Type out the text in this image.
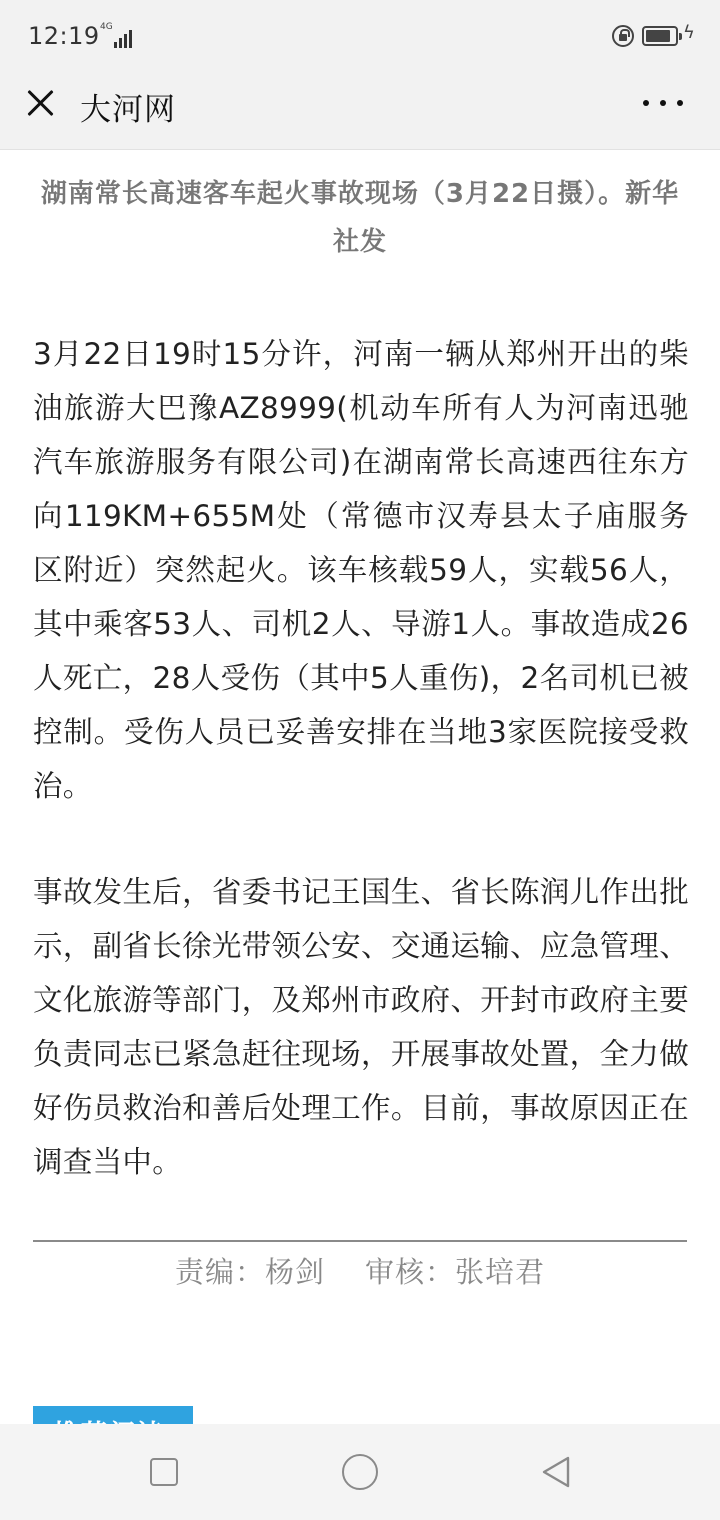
12:19 4G	ϟ
大河网
湖南常长高速客车起火事故现场（3月22日摄）。新华社发

3月22日19时15分许，河南一辆从郑州开出的柴油旅游大巴豫AZ8999(机动车所有人为河南迅驰汽车旅游服务有限公司)在湖南常长高速西往东方向119KM+655M处（常德市汉寿县太子庙服务区附近）突然起火。该车核载59人，实载56人，其中乘客53人、司机2人、导游1人。事故造成26人死亡，28人受伤（其中5人重伤)，2名司机已被控制。受伤人员已妥善安排在当地3家医院接受救治。

事故发生后，省委书记王国生、省长陈润儿作出批示，副省长徐光带领公安、交通运输、应急管理、文化旅游等部门，及郑州市政府、开封市政府主要负责同志已紧急赶往现场，开展事故处置，全力做好伤员救治和善后处理工作。目前，事故原因正在调查当中。

责编：杨剑 审核：张培君
